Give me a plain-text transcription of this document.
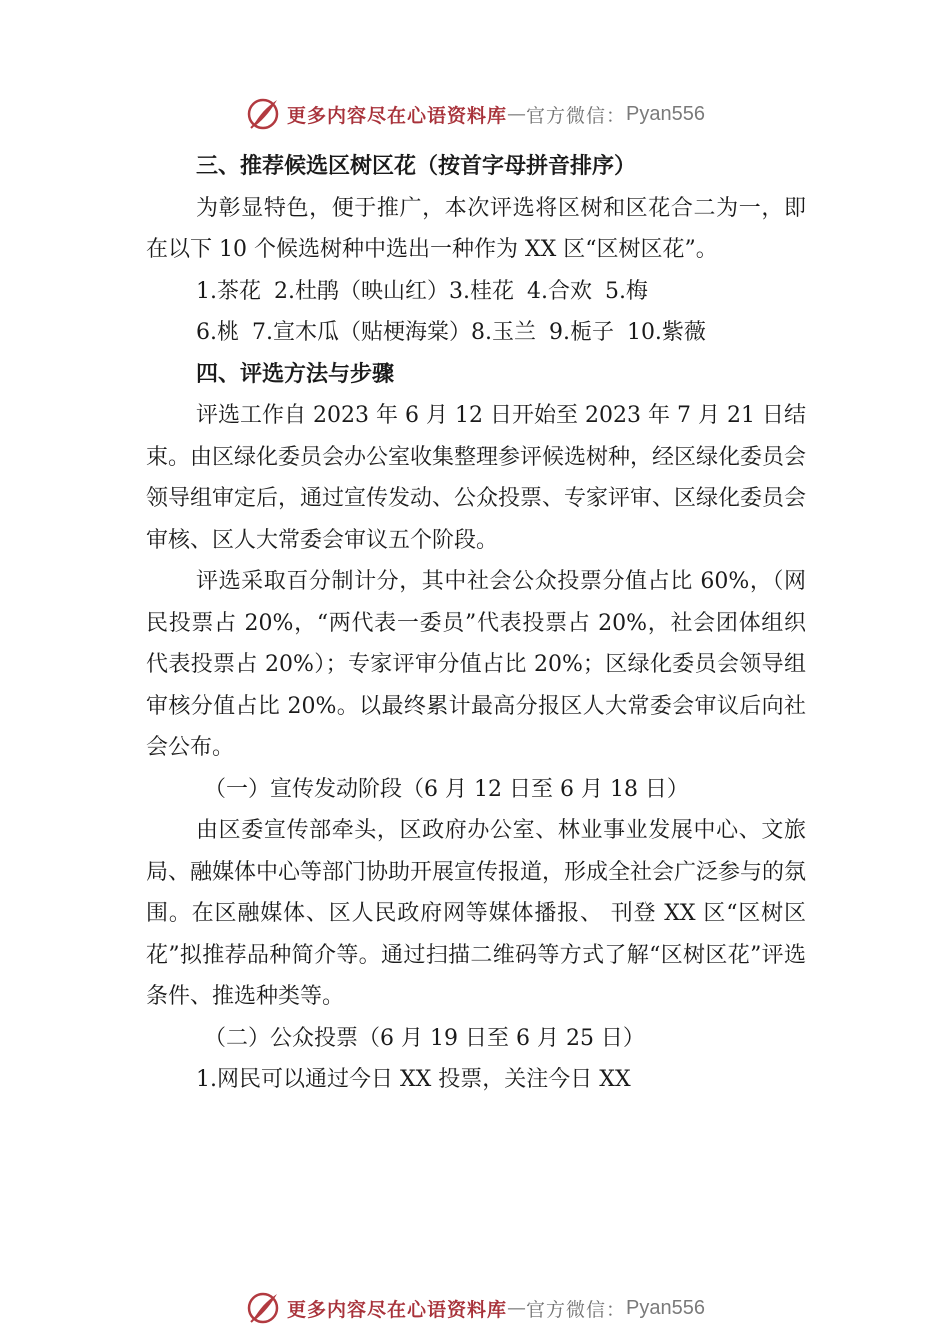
更多内容尽在心语资料库 — 官方微信： Pyan556

三、推荐候选区树区花（按首字母拼音排序）

为彰显特色，便于推广，本次评选将区树和区花合二为一，即在以下 10 个候选树种中选出一种作为 XX 区“区树区花”。

1.茶花 2.杜鹃（映山红）3.桂花 4.合欢 5.梅

6.桃 7.宣木瓜（贴梗海棠）8.玉兰 9.栀子 10.紫薇

四、评选方法与步骤

评选工作自 2023 年 6 月 12 日开始至 2023 年 7 月 21 日结束。由区绿化委员会办公室收集整理参评候选树种，经区绿化委员会领导组审定后，通过宣传发动、公众投票、专家评审、区绿化委员会审核、区人大常委会审议五个阶段。

评选采取百分制计分，其中社会公众投票分值占比 60%，（网民投票占 20%，“两代表一委员”代表投票占 20%，社会团体组织代表投票占 20%）；专家评审分值占比 20%；区绿化委员会领导组审核分值占比 20%。以最终累计最高分报区人大常委会审议后向社会公布。

（一）宣传发动阶段（6 月 12 日至 6 月 18 日）

由区委宣传部牵头，区政府办公室、林业事业发展中心、文旅局、融媒体中心等部门协助开展宣传报道，形成全社会广泛参与的氛围。在区融媒体、区人民政府网等媒体播报、 刊登 XX 区“区树区花”拟推荐品种简介等。通过扫描二维码等方式了解“区树区花”评选条件、推选种类等。

（二）公众投票（6 月 19 日至 6 月 25 日）

1.网民可以通过今日 XX 投票，关注今日 XX

更多内容尽在心语资料库 — 官方微信： Pyan556
